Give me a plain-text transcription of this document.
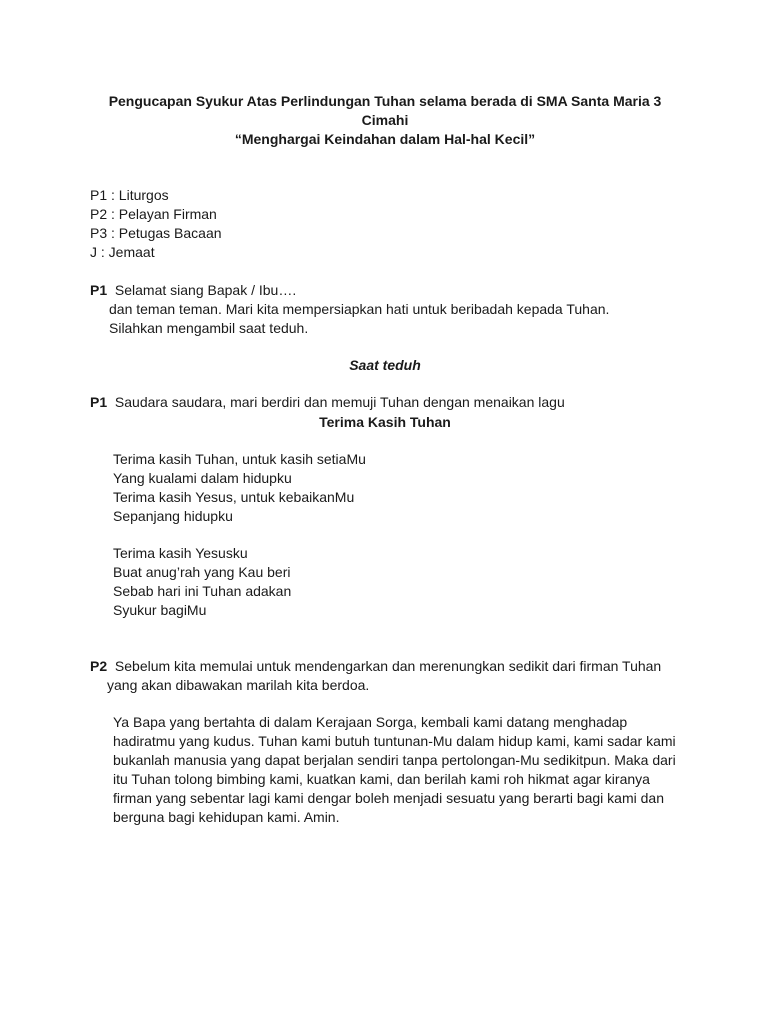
Pengucapan Syukur Atas Perlindungan Tuhan selama berada di SMA Santa Maria 3
Cimahi
“Menghargai Keindahan dalam Hal-hal Kecil”
P1 : Liturgos
P2 : Pelayan Firman
P3 : Petugas Bacaan
J : Jemaat
P1 Selamat siang Bapak / Ibu….
dan teman teman. Mari kita mempersiapkan hati untuk beribadah kepada Tuhan.
Silahkan mengambil saat teduh.
Saat teduh
P1 Saudara saudara, mari berdiri dan memuji Tuhan dengan menaikan lagu
Terima Kasih Tuhan
Terima kasih Tuhan, untuk kasih setiaMu
Yang kualami dalam hidupku
Terima kasih Yesus, untuk kebaikanMu
Sepanjang hidupku
Terima kasih Yesusku
Buat anug’rah yang Kau beri
Sebab hari ini Tuhan adakan
Syukur bagiMu
P2 Sebelum kita memulai untuk mendengarkan dan merenungkan sedikit dari firman Tuhan
yang akan dibawakan marilah kita berdoa.
Ya Bapa yang bertahta di dalam Kerajaan Sorga, kembali kami datang menghadap
hadiratmu yang kudus. Tuhan kami butuh tuntunan-Mu dalam hidup kami, kami sadar kami
bukanlah manusia yang dapat berjalan sendiri tanpa pertolongan-Mu sedikitpun. Maka dari
itu Tuhan tolong bimbing kami, kuatkan kami, dan berilah kami roh hikmat agar kiranya
firman yang sebentar lagi kami dengar boleh menjadi sesuatu yang berarti bagi kami dan
berguna bagi kehidupan kami. Amin.
